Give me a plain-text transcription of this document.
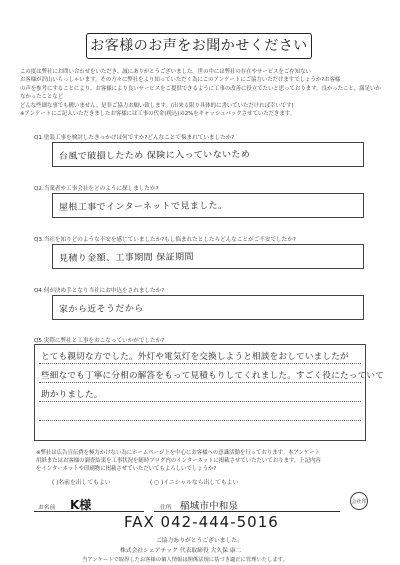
お客様のお声をお聞かせください
この度は弊社にお問い合わせをいただき、誠にありがとうございました。世の中には弊社の存在やサービスをご存知ない
お客様が沢山いらっしゃいます。その方々に弊社をより知っていただく為にこのアンケートにご協力いただけますでしょうか?お客様
の声を参考にすることにより、お客様により良いサービスをご提供できるように工事の改善に役立てたいと思っております。良かったこと、満足いかなかったことなど
どんな些細な事でも構いません。是非ご協力お願い致します。(出来る限り具体的に書いていただければ幸いです)
※アンケートにご記入いただきましたお客様には工事の代金(税込)の2%をキャッシュバックさせていただきます。
Q1.塗装工事を検討したきっかけは何ですか?どんなことで悩まれていましたか?
台風で破損したため 保険に入っていないため
Q2.当業者や工事会社をどのように探しましたか?
屋根工事でインターネットで見ました。
Q3.当社を知りどのような不安を感じていましたか?もし悩まれたとしたらどんなことがご不安でしたか?
見積り金額、工事期間 保証期間
Q4.何が決め手となり当社にお申込をされましたか?
家から近そうだから
Q5.実際に弊社と工事をおこなっていかがでしたか?
とても親切な方でした。外灯や電気灯を交換しようと相談をおしていましたが
些細なでも丁寧に分相の解答をもって見積もりしてくれました。すごく役にたっていて
助かりました。
※弊社は広告宣伝費を極力かけない為にホームページ上を中心にお客様への意識活動を行っております。本アンケート
用紙またはお客様の調査結果を工事状況を随時ブログ内のインターネットに掲載させていただいております。上記内容
をインターネットや印刷物に掲載させていただいてもよろしいでしょうか?
( )名前を出してもよい	( ○ )イニシャルなら出してもよい
お名前 K様	住所 稲城市中和泉	会社印
FAX 042-444-5016
ご協力ありがとうございました。
株式会社シェアテック 代表取締役 大久保 康二
当アンケートで取得したお客様の個人情報は関係法規に基づき適正に管理いたします。
